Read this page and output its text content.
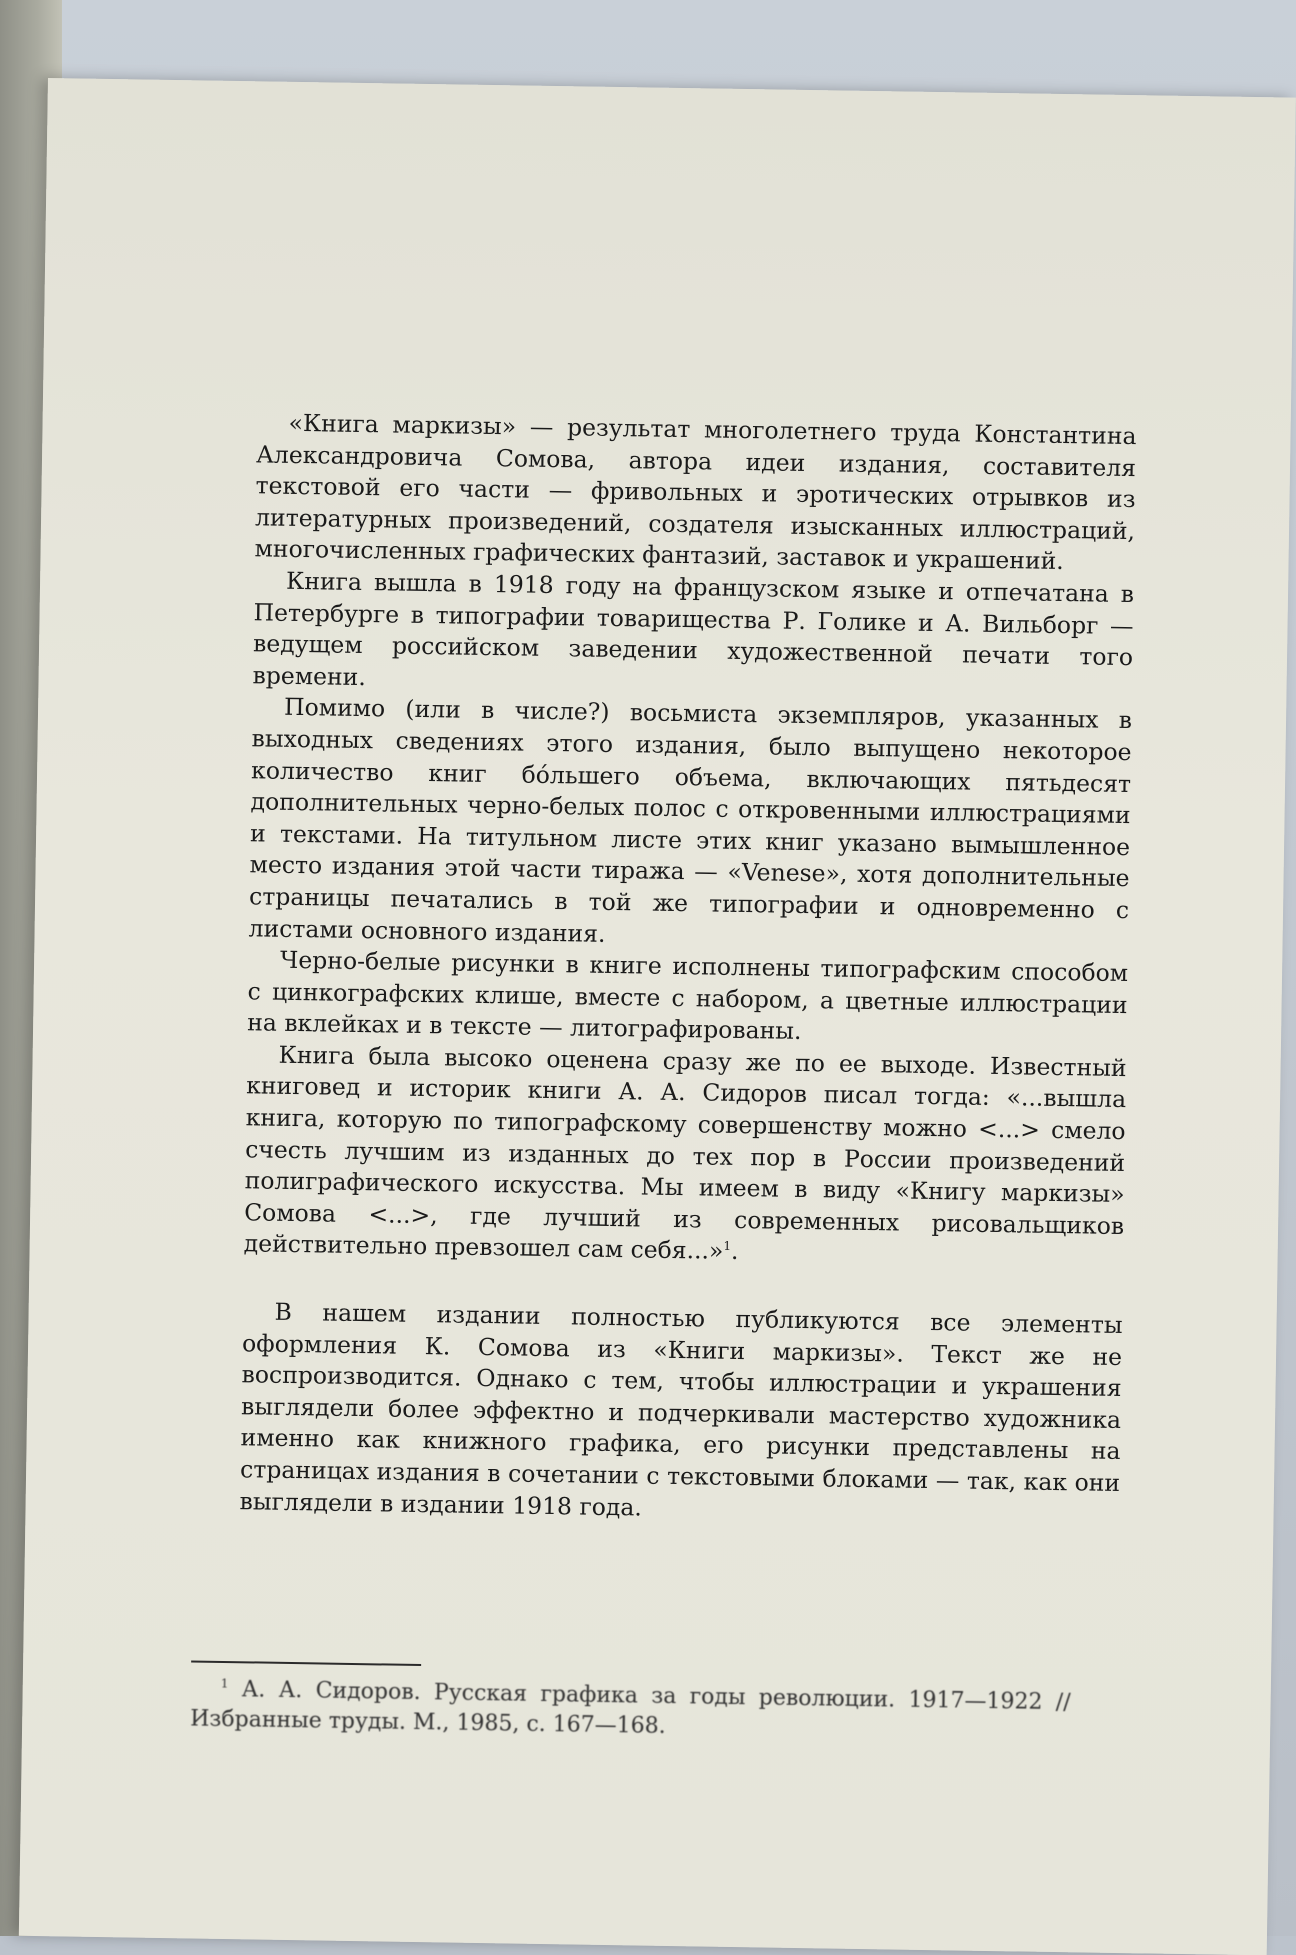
«Книга маркизы» — результат многолетнего труда Константина Александровича Сомова, автора идеи издания, составителя текстовой его части — фривольных и эротических отрывков из литературных произведений, создателя изысканных иллюстраций, многочисленных графических фантазий, заставок и украшений.

Книга вышла в 1918 году на французском языке и отпечатана в Петербурге в типографии товарищества Р. Голике и А. Вильборг — ведущем российском заведении художественной печати того времени.

Помимо (или в числе?) восьмиста экземпляров, указанных в выходных сведениях этого издания, было выпущено некоторое количество книг бо́льшего объема, включающих пятьдесят дополнительных черно-белых полос с откровенными иллюстрациями и текстами. На титульном листе этих книг указано вымышленное место издания этой части тиража — «Venese», хотя дополнительные страницы печатались в той же типографии и одновременно с листами основного издания.

Черно-белые рисунки в книге исполнены типографским способом с цинкографских клише, вместе с набором, а цветные иллюстрации на вклейках и в тексте — литографированы.

Книга была высоко оценена сразу же по ее выходе. Известный книговед и историк книги А. А. Сидоров писал тогда: «...вышла книга, которую по типографскому совершенству можно <...> смело счесть лучшим из изданных до тех пор в России произведений полиграфического искусства. Мы имеем в виду «Книгу маркизы» Сомова <...>, где лучший из современных рисовальщиков действительно превзошел сам себя...»$^1$.

В нашем издании полностью публикуются все элементы оформления К. Сомова из «Книги маркизы». Текст же не воспроизводится. Однако с тем, чтобы иллюстрации и украшения выглядели более эффектно и подчеркивали мастерство художника именно как книжного графика, его рисунки представлены на страницах издания в сочетании с текстовыми блоками — так, как они выглядели в издании 1918 года.

$^1$ А. А. Сидоров. Русская графика за годы революции. 1917—1922 // Избранные труды. М., 1985, с. 167—168.
